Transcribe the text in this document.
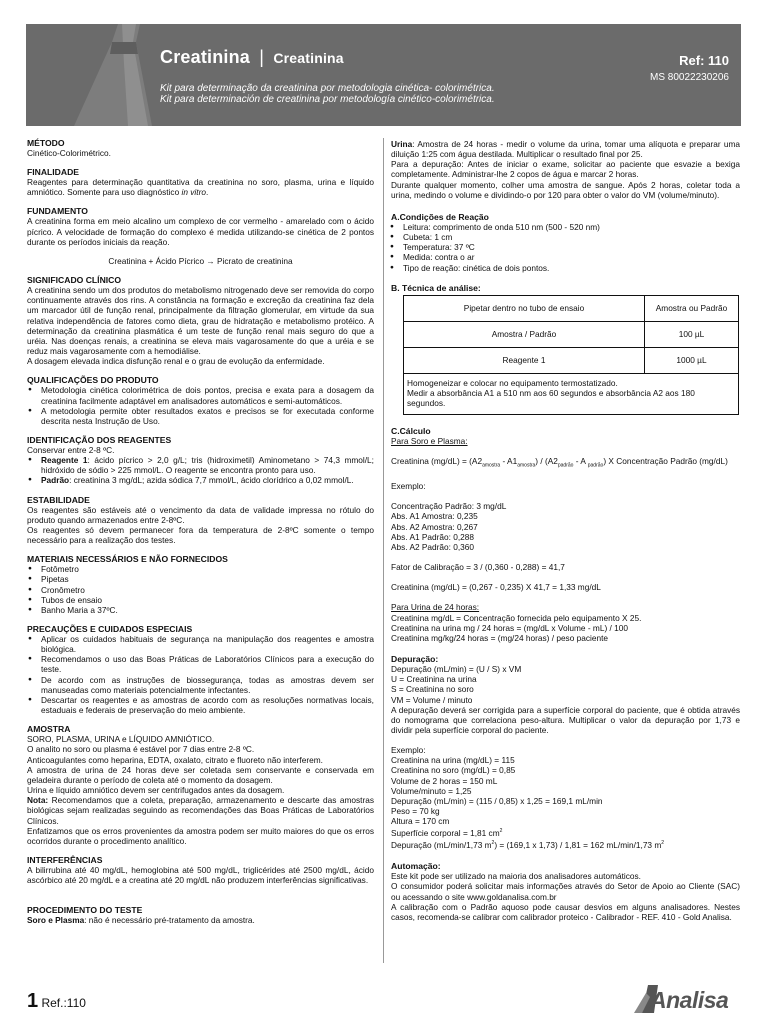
Creatinina | Creatinina
Kit para determinação da creatinina por metodologia cinética- colorimétrica.
Kit para determinación de creatinina por metodología cinético-colorimétrica.
Ref: 110
MS 80022230206
MÉTODO

Cinético-Colorimétrico.

FINALIDADE

Reagentes para determinação quantitativa da creatinina no soro, plasma, urina e líquido amniótico. Somente para uso diagnóstico in vitro.

FUNDAMENTO

A creatinina forma em meio alcalino um complexo de cor vermelho - amarelado com o ácido pícrico. A velocidade de formação do complexo é medida utilizando-se cinética de 2 pontos durante os períodos iniciais da reação.

Creatinina + Ácido Pícrico → Picrato de creatinina

SIGNIFICADO CLÍNICO

A creatinina sendo um dos produtos do metabolismo nitrogenado deve ser removida do corpo continuamente através dos rins. A constância na formação e excreção da creatinina faz dela um marcador útil de função renal, principalmente da filtração glomerular, em virtude da sua relativa independência de fatores como dieta, grau de hidratação e metabolismo protéico. A determinação da creatinina plasmática é um teste de função renal mais seguro do que a uréia. Nas doenças renais, a creatinina se eleva mais vagarosamente do que a uréia e se reduz mais vagarosamente com a hemodiálise.

A dosagem elevada indica disfunção renal e o grau de evolução da enfermidade.

QUALIFICAÇÕES DO PRODUTO
● Metodologia cinética colorimétrica de dois pontos, precisa e exata para a dosagem da creatinina facilmente adaptável em analisadores automáticos e semi-automáticos.
● A metodologia permite obter resultados exatos e precisos se for executada conforme descrita nesta Instrução de Uso.
IDENTIFICAÇÃO DOS REAGENTES

Conservar entre 2-8 ºC.

● Reagente 1: ácido pícrico > 2,0 g/L; tris (hidroximetil) Aminometano > 74,3 mmol/L; hidróxido de sódio > 225 mmol/L. O reagente se encontra pronto para uso.
● Padrão: creatinina 3 mg/dL; azida sódica 7,7 mmol/L, ácido clorídrico a 0,02 mmol/L.
ESTABILIDADE

Os reagentes são estáveis até o vencimento da data de validade impressa no rótulo do produto quando armazenados entre 2-8ºC.

Os reagentes só devem permanecer fora da temperatura de 2-8ºC somente o tempo necessário para a realização dos testes.

MATERIAIS NECESSÁRIOS E NÃO FORNECIDOS
● Fotômetro
● Pipetas
● Cronômetro
● Tubos de ensaio
● Banho Maria a 37ºC.
PRECAUÇÕES E CUIDADOS ESPECIAIS
● Aplicar os cuidados habituais de segurança na manipulação dos reagentes e amostra biológica.
● Recomendamos o uso das Boas Práticas de Laboratórios Clínicos para a execução do teste.
● De acordo com as instruções de biossegurança, todas as amostras devem ser manuseadas como materiais potencialmente infectantes.
● Descartar os reagentes e as amostras de acordo com as resoluções normativas locais, estaduais e federais de preservação do meio ambiente.
AMOSTRA

SORO, PLASMA, URINA e LÍQUIDO AMNIÓTICO.

O analito no soro ou plasma é estável por 7 dias entre 2-8 ºC.

Anticoagulantes como heparina, EDTA, oxalato, citrato e fluoreto não interferem.

A amostra de urina de 24 horas deve ser coletada sem conservante e conservada em geladeira durante o período de coleta até o momento da dosagem.

Urina e líquido amniótico devem ser centrifugados antes da dosagem.

Nota: Recomendamos que a coleta, preparação, armazenamento e descarte das amostras biológicas sejam realizadas seguindo as recomendações das Boas Práticas de Laboratórios Clínicos.

Enfatizamos que os erros provenientes da amostra podem ser muito maiores do que os erros ocorridos durante o procedimento analítico.

INTERFERÊNCIAS

A bilirrubina até 40 mg/dL, hemoglobina até 500 mg/dL, triglicérides até 2500 mg/dL, ácido ascórbico até 20 mg/dL e a creatina até 20 mg/dL não produzem interferências significativas.

PROCEDIMENTO DO TESTE

Soro e Plasma: não é necessário pré-tratamento da amostra.

Urina: Amostra de 24 horas - medir o volume da urina, tomar uma alíquota e preparar uma diluição 1:25 com água destilada. Multiplicar o resultado final por 25.

Para a depuração: Antes de iniciar o exame, solicitar ao paciente que esvazie a bexiga completamente. Administrar-lhe 2 copos de água e marcar 2 horas.

Durante qualquer momento, colher uma amostra de sangue. Após 2 horas, coletar toda a urina, medindo o volume e dividindo-o por 120 para obter o valor do VM (volume/minuto).

A.Condições de Reação
● Leitura: comprimento de onda 510 nm (500 - 520 nm)
● Cubeta: 1 cm
● Temperatura: 37 ºC
● Medida: contra o ar
● Tipo de reação: cinética de dois pontos.
B. Técnica de análise:
Pipetar dentro no tubo de ensaio	Amostra ou Padrão
Amostra / Padrão	100 µL
Reagente 1	1000 µL

Homogeneizar e colocar no equipamento termostatizado.
Medir a absorbância A1 a 510 nm aos 60 segundos e absorbância A2 aos 180 segundos.	
C.Cálculo

Para Soro e Plasma:

Creatinina $(mg/dL) = (A2_{amostra} - A1_{amostra}) / (A2_{padrão} - A$ $_{padrão}$) X Concentração Padrão (mg/dL)

Exemplo:

Concentração Padrão: 3 mg/dL

Abs. A1 Amostra: 0,235

Abs. A2 Amostra: 0,267

Abs. A1 Padrão: 0,288

Abs. A2 Padrão: 0,360

Fator de Calibração = 3 / (0,360 - 0,288) = 41,7

Creatinina (mg/dL) = (0,267 - 0,235) X 41,7 = 1,33 mg/dL

Para Urina de 24 horas:

Creatinina mg/dL = Concentração fornecida pelo equipamento X 25.

Creatinina na urina mg / 24 horas = (mg/dL x Volume - mL) / 100

Creatinina mg/kg/24 horas = (mg/24 horas) / peso paciente

Depuração:

Depuração (mL/min) = (U / S) x VM

U = Creatinina na urina

S = Creatinina no soro

VM = Volume / minuto

A depuração deverá ser corrigida para a superfície corporal do paciente, que é obtida através do nomograma que correlaciona peso-altura. Multiplicar o valor da depuração por 1,73 e dividir pela superfície corporal do paciente.

Exemplo:

Creatinina na urina (mg/dL) = 115

Creatinina no soro (mg/dL) = 0,85

Volume de 2 horas = 150 mL

Volume/minuto = 1,25

Depuração (mL/min) = (115 / 0,85) x 1,25 = 169,1 mL/min

Peso = 70 kg

Altura = 170 cm

Superfície corporal = 1,81 $cm^2$

Depuração (mL/min/1,73 $m^2) = (169,1$ x 1,73) / 1,81 = 162 mL/min/1,73 $m^2$

Automação:

Este kit pode ser utilizado na maioria dos analisadores automáticos.

O consumidor poderá solicitar mais informações através do Setor de Apoio ao Cliente (SAC) ou acessando o site www.goldanalisa.com.br

A calibração com o Padrão aquoso pode causar desvios em alguns analisadores. Nestes casos, recomenda-se calibrar com calibrador proteico - Calibrador - REF. 410 - Gold Analisa.

1 Ref.:110	Analisa
